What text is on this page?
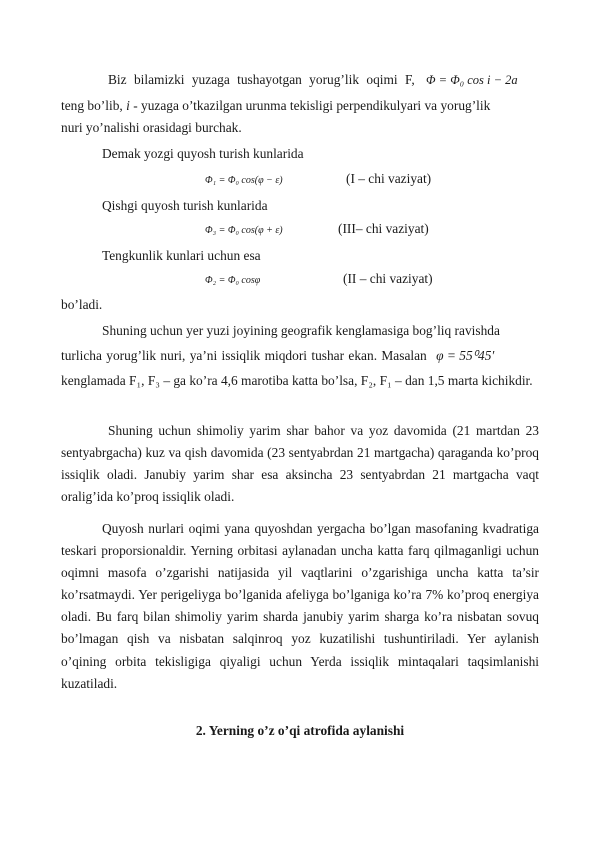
Biz bilamizki yuzaga tushayotgan yorug’lik oqimi F, Φ = Φ₀ cos i − 2a
teng bo’lib, i - yuzaga o’tkazilgan urunma tekisligi perpendikulyari va yorug’lik
nuri yo’nalishi orasidagi burchak.
Demak yozgi quyosh turish kunlarida
Φ₁ = Φ₀ cos(φ − ε)	(I – chi vaziyat)
Qishgi quyosh turish kunlarida
Φ₃ = Φ₀ cos(φ + ε)	(III– chi vaziyat)
Tengkunlik kunlari uchun esa
Φ₂ = Φ₀ cosφ	(II – chi vaziyat)
bo’ladi.
Shuning uchun yer yuzi joyining geografik kenglamasiga bog’liq ravishda
turlicha yorug’lik nuri, ya’ni issiqlik miqdori tushar ekan. Masalan φ = 55⁰45′

kenglamada F₁, F₃ – ga ko’ra 4,6 marotiba katta bo’lsa, F₂, F₁ – dan 1,5 marta kichikdir.

Shuning uchun shimoliy yarim shar bahor va yoz davomida (21 martdan 23 sentyabrgacha) kuz va qish davomida (23 sentyabrdan 21 martgacha) qaraganda ko’proq issiqlik oladi. Janubiy yarim shar esa aksincha 23 sentyabrdan 21 martgacha vaqt oralig’ida ko’proq issiqlik oladi.

Quyosh nurlari oqimi yana quyoshdan yergacha bo’lgan masofaning kvadratiga teskari proporsionaldir. Yerning orbitasi aylanadan uncha katta farq qilmaganligi uchun oqimni masofa o’zgarishi natijasida yil vaqtlarini o’zgarishiga uncha katta ta’sir ko’rsatmaydi. Yer perigeliyga bo’lganida afeliyga bo’lganiga ko’ra 7% ko’proq energiya oladi. Bu farq bilan shimoliy yarim sharda janubiy yarim sharga ko’ra nisbatan sovuq bo’lmagan qish va nisbatan salqinroq yoz kuzatilishi tushuntiriladi. Yer aylanish o’qining orbita tekisligiga qiyaligi uchun Yerda issiqlik mintaqalari taqsimlanishi kuzatiladi.

2. Yerning o’z o’qi atrofida aylanishi
